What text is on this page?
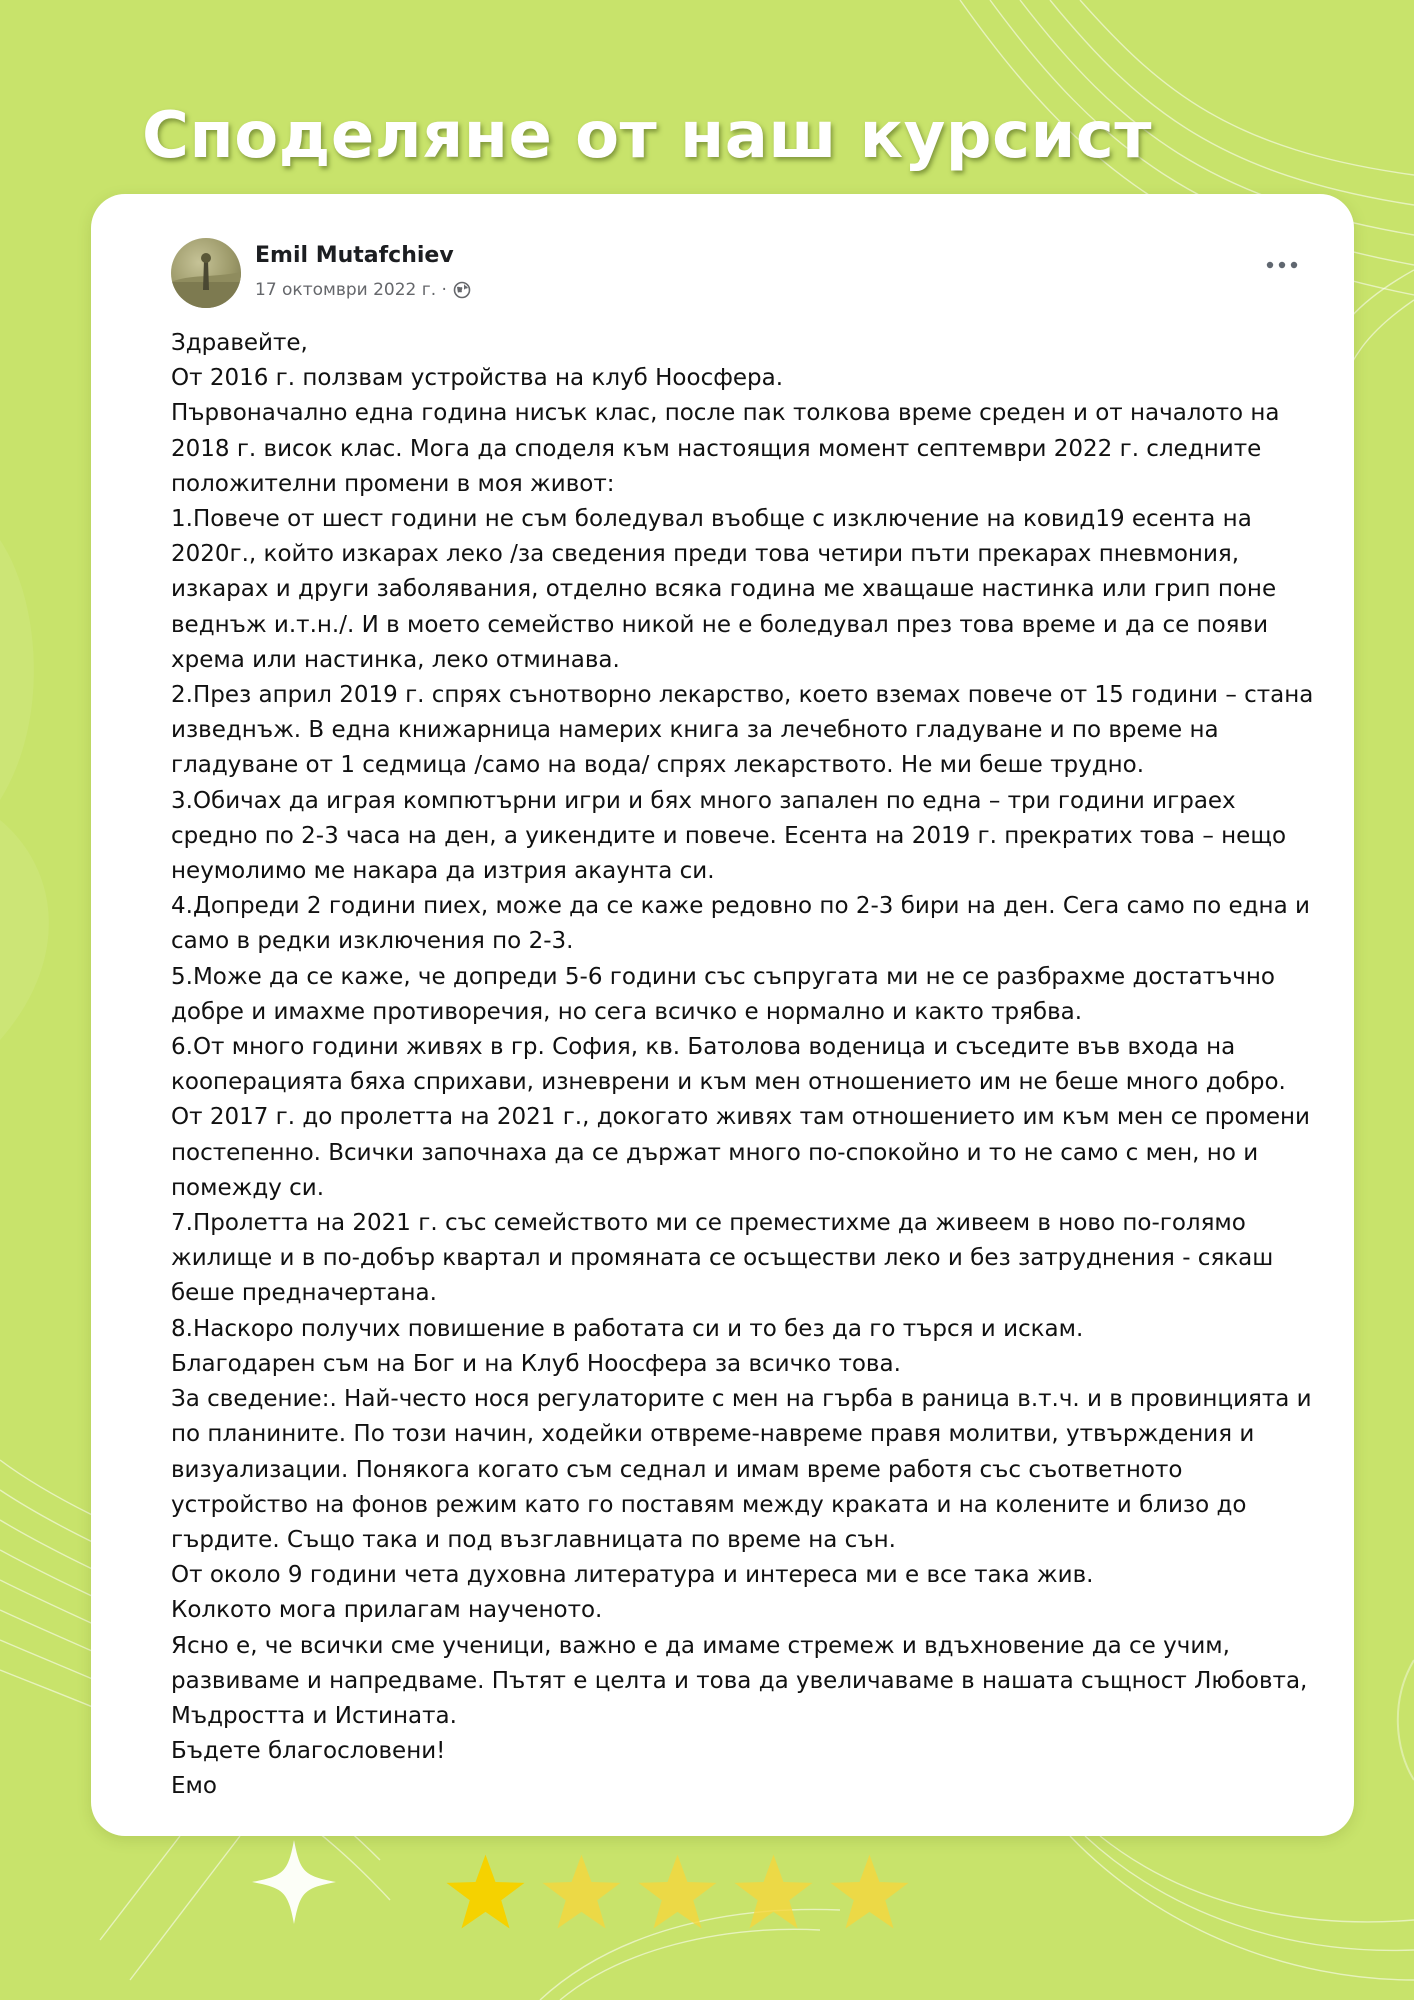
Споделяне от наш курсист
Emil Mutafchiev
17 октомври 2022 г. ·
Здравейте,
От 2016 г. ползвам устройства на клуб Ноосфера.
Първоначално една година нисък клас, после пак толкова време среден и от началото на
2018 г. висок клас. Мога да споделя към настоящия момент септември 2022 г. следните
положителни промени в моя живот:
1.Повече от шест години не съм боледувал въобще с изключение на ковид19 есента на
2020г., който изкарах леко /за сведения преди това четири пъти прекарах пневмония,
изкарах и други заболявания, отделно всяка година ме хващаше настинка или грип поне
веднъж и.т.н./. И в моето семейство никой не е боледувал през това време и да се появи
хрема или настинка, леко отминава.
2.През април 2019 г. спрях сънотворно лекарство, което вземах повече от 15 години – стана
изведнъж. В една книжарница намерих книга за лечебното гладуване и по време на
гладуване от 1 седмица /само на вода/ спрях лекарството. Не ми беше трудно.
3.Обичах да играя компютърни игри и бях много запален по една – три години играех
средно по 2-3 часа на ден, а уикендите и повече. Есента на 2019 г. прекратих това – нещо
неумолимо ме накара да изтрия акаунта си.
4.Допреди 2 години пиех, може да се каже редовно по 2-3 бири на ден. Сега само по една и
само в редки изключения по 2-3.
5.Може да се каже, че допреди 5-6 години със съпругата ми не се разбрахме достатъчно
добре и имахме противоречия, но сега всичко е нормално и както трябва.
6.От много години живях в гр. София, кв. Батолова воденица и съседите във входа на
кооперацията бяха сприхави, изневрени и към мен отношението им не беше много добро.
От 2017 г. до пролетта на 2021 г., докогато живях там отношението им към мен се промени
постепенно. Всички започнаха да се държат много по-спокойно и то не само с мен, но и
помежду си.
7.Пролетта на 2021 г. със семейството ми се преместихме да живеем в ново по-голямо
жилище и в по-добър квартал и промяната се осъществи леко и без затруднения - сякаш
беше предначертана.
8.Наскоро получих повишение в работата си и то без да го търся и искам.
Благодарен съм на Бог и на Клуб Ноосфера за всичко това.
За сведение:. Най-често нося регулаторите с мен на гърба в раница в.т.ч. и в провинцията и
по планините. По този начин, ходейки отвреме-навреме правя молитви, утвърждения и
визуализации. Понякога когато съм седнал и имам време работя със съответното
устройство на фонов режим като го поставям между краката и на колените и близо до
гърдите. Също така и под възглавницата по време на сън.
От около 9 години чета духовна литература и интереса ми е все така жив.
Колкото мога прилагам наученото.
Ясно е, че всички сме ученици, важно е да имаме стремеж и вдъхновение да се учим,
развиваме и напредваме. Пътят е целта и това да увеличаваме в нашата същност Любовта,
Мъдростта и Истината.
Бъдете благословени!
Емо
